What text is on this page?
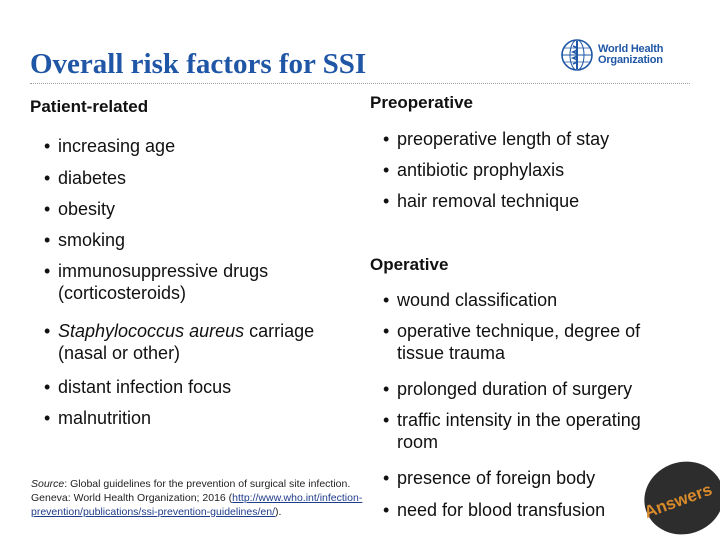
Overall risk factors for SSI	World Health
Organization
Patient-related
• increasing age
• diabetes
• obesity
• smoking
• immunosuppressive drugs
(corticosteroids)
• Staphylococcus aureus carriage
(nasal or other)
• distant infection focus
• malnutrition
Preoperative
• preoperative length of stay
• antibiotic prophylaxis
• hair removal technique
Operative
• wound classification
• operative technique, degree of
tissue trauma
• prolonged duration of surgery
• traffic intensity in the operating
room
• presence of foreign body
• need for blood transfusion
Source: Global guidelines for the prevention of surgical site infection. Geneva: World Health Organization; 2016 (http://www.who.int/infection-prevention/publications/ssi-prevention-guidelines/en/).	Answers
